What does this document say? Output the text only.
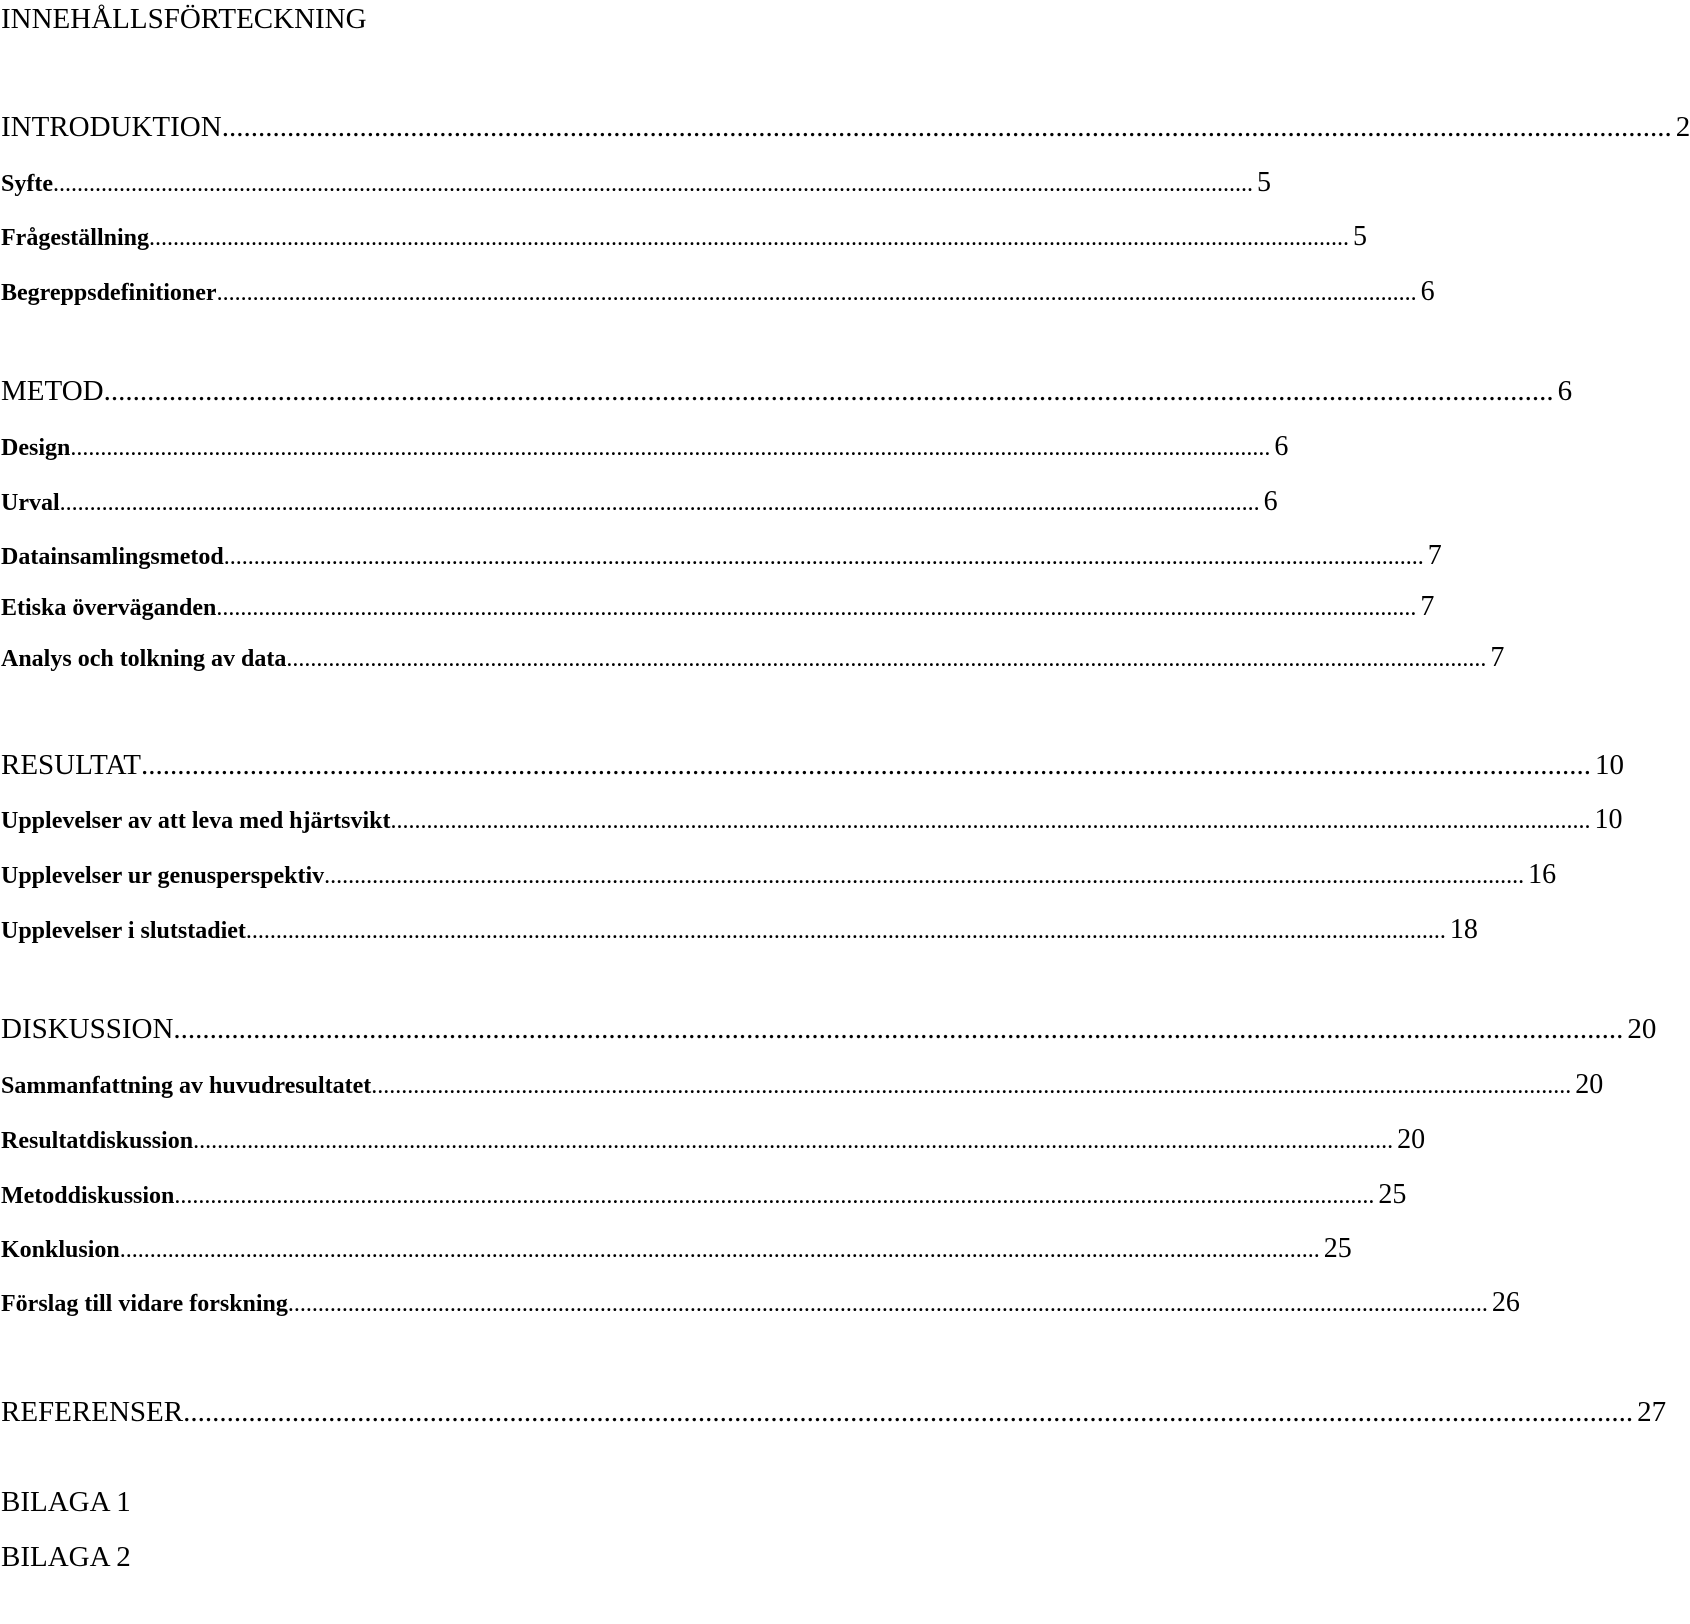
INNEHÅLLSFÖRTECKNING
INTRODUKTION ........................................................................................................................................................................................................ 2
Syfte ........................................................................................................................................................................................................ 5
Frågeställning ........................................................................................................................................................................................................ 5
Begreppsdefinitioner ........................................................................................................................................................................................................ 6
METOD ........................................................................................................................................................................................................ 6
Design ........................................................................................................................................................................................................ 6
Urval ........................................................................................................................................................................................................ 6
Datainsamlingsmetod ........................................................................................................................................................................................................ 7
Etiska överväganden ........................................................................................................................................................................................................ 7
Analys och tolkning av data ........................................................................................................................................................................................................ 7
RESULTAT ........................................................................................................................................................................................................ 10
Upplevelser av att leva med hjärtsvikt ........................................................................................................................................................................................................ 10
Upplevelser ur genusperspektiv ........................................................................................................................................................................................................ 16
Upplevelser i slutstadiet ........................................................................................................................................................................................................ 18
DISKUSSION ........................................................................................................................................................................................................ 20
Sammanfattning av huvudresultatet ........................................................................................................................................................................................................ 20
Resultatdiskussion ........................................................................................................................................................................................................ 20
Metoddiskussion ........................................................................................................................................................................................................ 25
Konklusion ........................................................................................................................................................................................................ 25
Förslag till vidare forskning ........................................................................................................................................................................................................ 26
REFERENSER ........................................................................................................................................................................................................ 27
BILAGA 1
BILAGA 2
